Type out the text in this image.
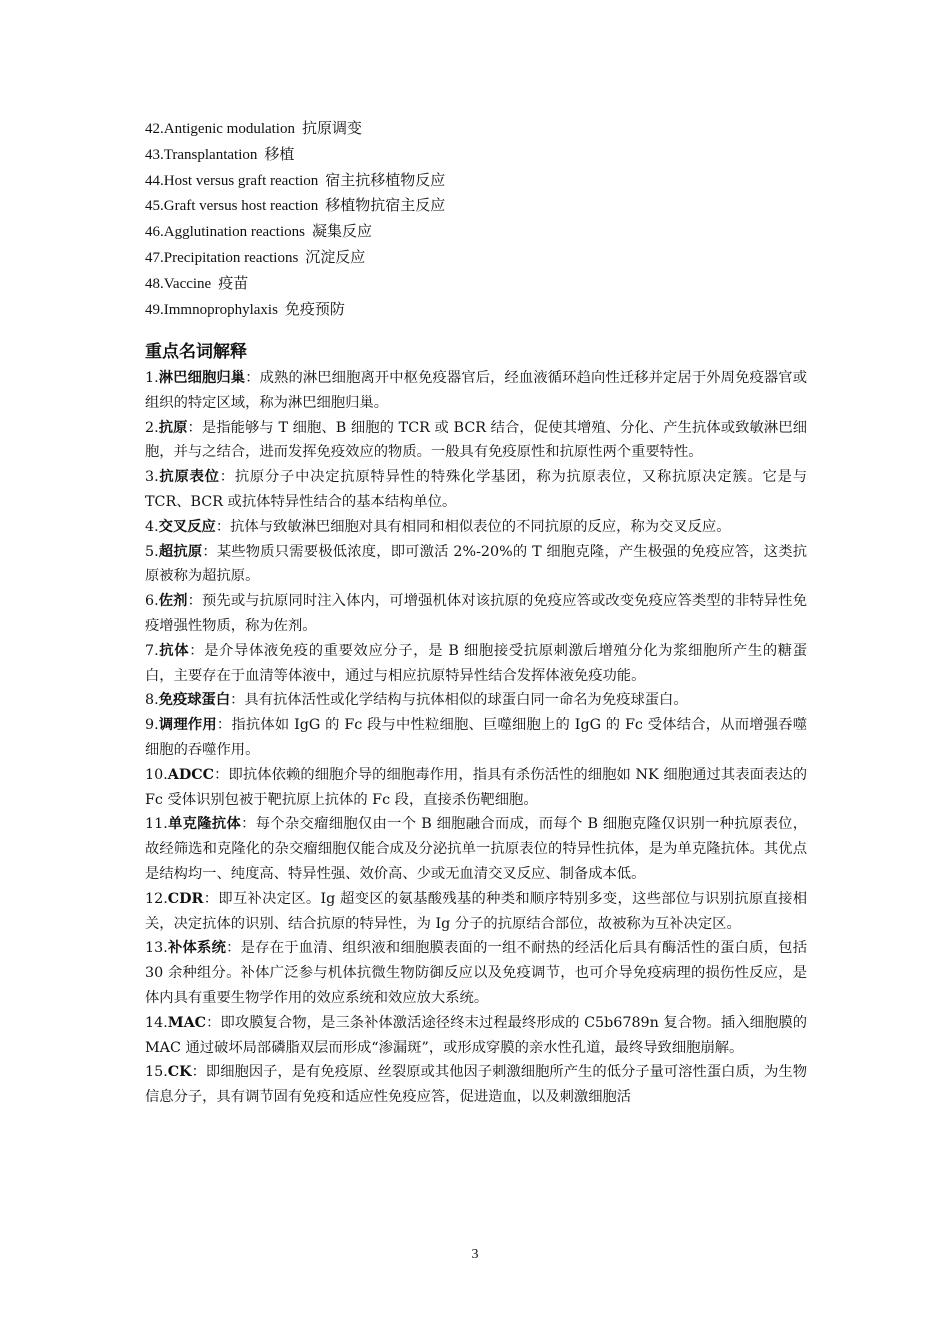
42.Antigenic modulation 抗原调变
43.Transplantation 移植
44.Host versus graft reaction 宿主抗移植物反应
45.Graft versus host reaction 移植物抗宿主反应
46.Agglutination reactions 凝集反应
47.Precipitation reactions 沉淀反应
48.Vaccine 疫苗
49.Immnoprophylaxis 免疫预防
重点名词解释
1.淋巴细胞归巢：成熟的淋巴细胞离开中枢免疫器官后，经血液循环趋向性迁移并定居于外周免疫器官或组织的特定区域，称为淋巴细胞归巢。
2.抗原：是指能够与 T 细胞、B 细胞的 TCR 或 BCR 结合，促使其增殖、分化、产生抗体或致敏淋巴细胞，并与之结合，进而发挥免疫效应的物质。一般具有免疫原性和抗原性两个重要特性。
3.抗原表位：抗原分子中决定抗原特异性的特殊化学基团，称为抗原表位，又称抗原决定簇。它是与 TCR、BCR 或抗体特异性结合的基本结构单位。
4.交叉反应：抗体与致敏淋巴细胞对具有相同和相似表位的不同抗原的反应，称为交叉反应。
5.超抗原：某些物质只需要极低浓度，即可激活 2%-20%的 T 细胞克隆，产生极强的免疫应答，这类抗原被称为超抗原。
6.佐剂：预先或与抗原同时注入体内，可增强机体对该抗原的免疫应答或改变免疫应答类型的非特异性免疫增强性物质，称为佐剂。
7.抗体：是介导体液免疫的重要效应分子，是 B 细胞接受抗原刺激后增殖分化为浆细胞所产生的糖蛋白，主要存在于血清等体液中，通过与相应抗原特异性结合发挥体液免疫功能。
8.免疫球蛋白：具有抗体活性或化学结构与抗体相似的球蛋白同一命名为免疫球蛋白。
9.调理作用：指抗体如 IgG 的 Fc 段与中性粒细胞、巨噬细胞上的 IgG 的 Fc 受体结合，从而增强吞噬细胞的吞噬作用。
10.ADCC：即抗体依赖的细胞介导的细胞毒作用，指具有杀伤活性的细胞如 NK 细胞通过其表面表达的 Fc 受体识别包被于靶抗原上抗体的 Fc 段，直接杀伤靶细胞。
11.单克隆抗体：每个杂交瘤细胞仅由一个 B 细胞融合而成，而每个 B 细胞克隆仅识别一种抗原表位，故经筛选和克隆化的杂交瘤细胞仅能合成及分泌抗单一抗原表位的特异性抗体，是为单克隆抗体。其优点是结构均一、纯度高、特异性强、效价高、少或无血清交叉反应、制备成本低。
12.CDR：即互补决定区。Ig 超变区的氨基酸残基的种类和顺序特别多变，这些部位与识别抗原直接相关，决定抗体的识别、结合抗原的特异性，为 Ig 分子的抗原结合部位，故被称为互补决定区。
13.补体系统：是存在于血清、组织液和细胞膜表面的一组不耐热的经活化后具有酶活性的蛋白质，包括 30 余种组分。补体广泛参与机体抗微生物防御反应以及免疫调节，也可介导免疫病理的损伤性反应，是体内具有重要生物学作用的效应系统和效应放大系统。
14.MAC：即攻膜复合物，是三条补体激活途径终末过程最终形成的 C5b6789n 复合物。插入细胞膜的 MAC 通过破坏局部磷脂双层而形成“渗漏斑”，或形成穿膜的亲水性孔道，最终导致细胞崩解。
15.CK：即细胞因子，是有免疫原、丝裂原或其他因子刺激细胞所产生的低分子量可溶性蛋白质，为生物信息分子，具有调节固有免疫和适应性免疫应答，促进造血，以及刺激细胞活
3
